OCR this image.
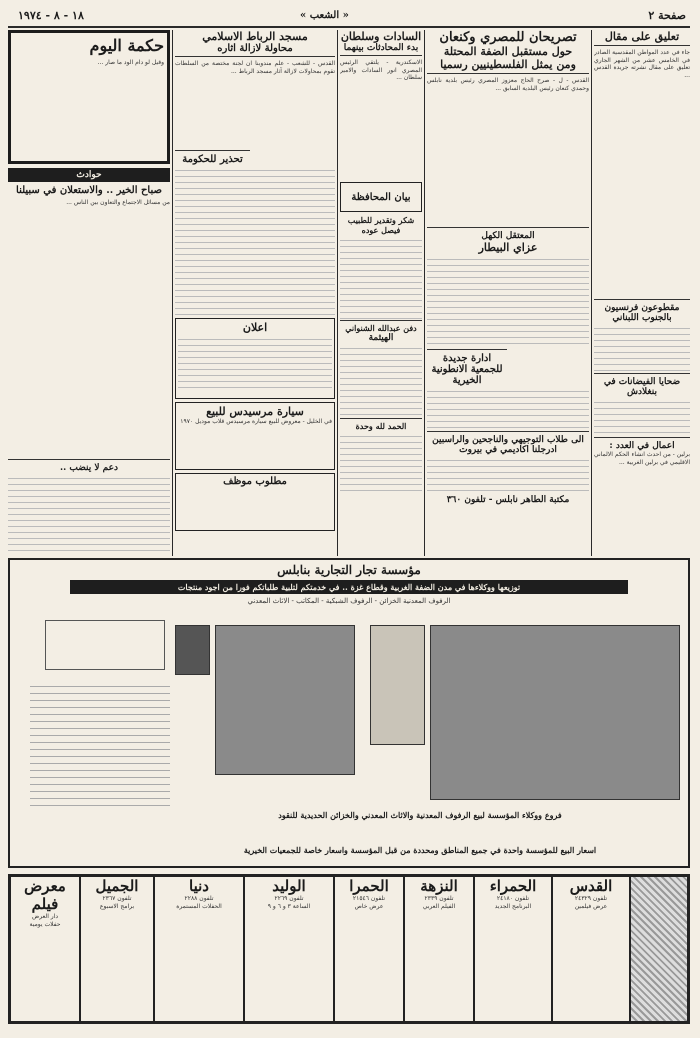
صفحة ٢
« الشعب »
١٨ - ٨ - ١٩٧٤
تعليق على مقال
جاء في عدد المواطن المقدسية الصادر في الخامس عشر من الشهر الجاري تعليق على مقال نشرته جريدة القدس ...
مقطوعون فرنسيون بالجنوب اللبناني
ضحايا الفيضانات في بنغلادش
اعمال في العدد :
برلين - من احدث انشاء الحكم الالماني الاقليمي في برلين الغربية ...
تصريحان للمصري وكنعان
حول مستقبل الضفة المحتلة
ومن يمثل الفلسطينيين رسميا
القدس - ل - صرح الحاج معزوز المصري رئيس بلدية نابلس وحمدي كنعان رئيس البلدية السابق ...
المعتقل الكهل
عزاي البيطار
ادارة جديدة للجمعية الانطونية الخيرية
الى طلاب التوجيهي والناجحين والراسبين
ادرجلنا اكاديمي في بيروت
مكتبة الطاهر نابلس - تلفون ٣٦٠
السادات وسلطان
بدء المحادثات بينهما
الاسكندرية - يلتقي الرئيس المصري انور السادات والامير سلطان ...
بيان المحافظة
شكر وتقدير للطبيب فيصل عوده
دفن عبدالله الشنواني
الهيثمة
الحمد لله وحدة
مسجد الرباط الاسلامي
محاولة لازالة اثاره
القدس - للشعب - علم مندوبنا ان لجنة مختصة من السلطات تقوم بمحاولات لازالة آثار مسجد الرباط ...
تحذير للحكومة
اعلان
سيارة مرسيدس للبيع
في الخليل - معروض للبيع سيارة مرسيدس قلاب موديل ١٩٧٠
مطلوب موظف
حكمة اليوم
وقيل لو دام الود ما صار ...
حوادث
صباح الخير .. والاستعلان في سبيلنا
من مسائل الاجتماع والتعاون بين الناس ...
دعم لا ينضب ..
مؤسسة تجار التجارية بنابلس
توزيعها ووكلاءها في مدن الضفة الغربية وقطاع غزة .. في خدمتكم لتلبية طلباتكم فورا من اجود منتجات
الرفوف المعدنية الخزائن - الرفوف الشبكية - المكاتب - الاثاث المعدني
فروع ووكلاء المؤسسة لبيع الرفوف المعدنية والاثاث المعدني والخزائن الحديدية للنقود
اسعار البيع للمؤسسة واحدة في جميع المناطق ومحددة من قبل المؤسسة واسعار خاصة للجمعيات الخيرية
القدس
تلفون ٢٤٣٢٩
عرض فيلمين
الحمراء
تلفون ٢٤١٨٠
البرنامج الجديد
النزهة
تلفون ٢٣٣٩
الفيلم العربي
الحمرا
تلفون ٢١٥٤٦
عرض خاص
الوليد
تلفون ٢٢٦٩
الساعة ٣ و ٦ و ٩
دنيا
تلفون ٢٢٨٨
الحفلات المستمرة
الجميل
تلفون ٢٣٦٧
برامج الاسبوع
معرض فيلم
دار العرض
حفلات يومية
